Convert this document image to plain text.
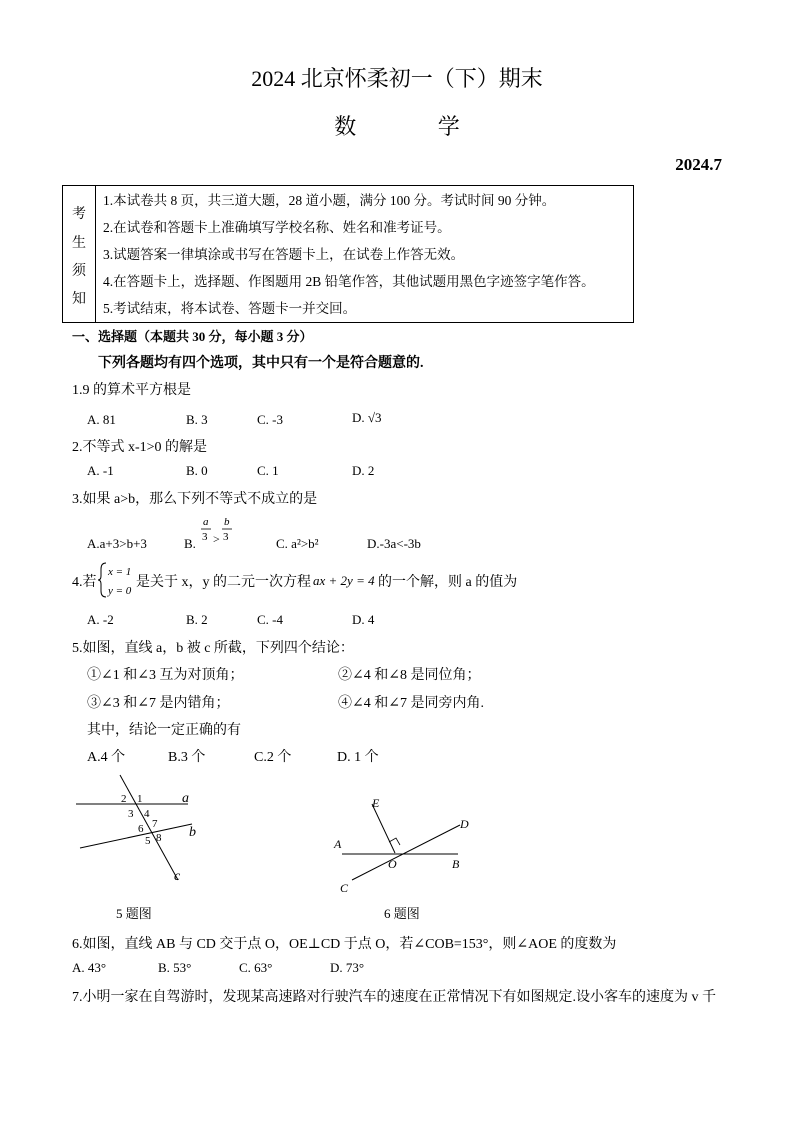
2024 北京怀柔初一（下）期末
数 学
2024.7
考
生
须
知
1.本试卷共 8 页，共三道大题，28 道小题，满分 100 分。考试时间 90 分钟。
2.在试卷和答题卡上准确填写学校名称、姓名和准考证号。
3.试题答案一律填涂或书写在答题卡上，在试卷上作答无效。
4.在答题卡上，选择题、作图题用 2B 铅笔作答，其他试题用黑色字迹签字笔作答。
5.考试结束，将本试卷、答题卡一并交回。
一、选择题（本题共 30 分，每小题 3 分）
下列各题均有四个选项，其中只有一个是符合题意的.
1.9 的算术平方根是
A. 81	B. 3	C. -3	D. √3
2.不等式 x-1>0 的解是
A. -1	B. 0	C. 1	D. 2
3.如果 a>b，那么下列不等式不成立的是
A.a+3>b+3	B.
a
3 >
b
3	C. a²>b²	D.-3a<-3b
4.若
x = 1
y = 0
是关于 x，y 的二元一次方程 ax + 2y = 4 的一个解，则 a 的值为
A. -2	B. 2	C. -4	D. 4
5.如图，直线 a，b 被 c 所截，下列四个结论：
①∠1 和∠3 互为对顶角；	②∠4 和∠8 是同位角；
③∠3 和∠7 是内错角；	④∠4 和∠7 是同旁内角.
其中，结论一定正确的有
A.4 个	B.3 个	C.2 个	D. 1 个
2 1
3 4
6 7
5 8
a
b
c
5 题图
E
D
A
O	B
C
6 题图
6.如图，直线 AB 与 CD 交于点 O，OE⊥CD 于点 O，若∠COB=153°，则∠AOE 的度数为
A. 43°	B. 53°	C. 63°	D. 73°
7.小明一家在自驾游时，发现某高速路对行驶汽车的速度在正常情况下有如图规定.设小客车的速度为 v 千
